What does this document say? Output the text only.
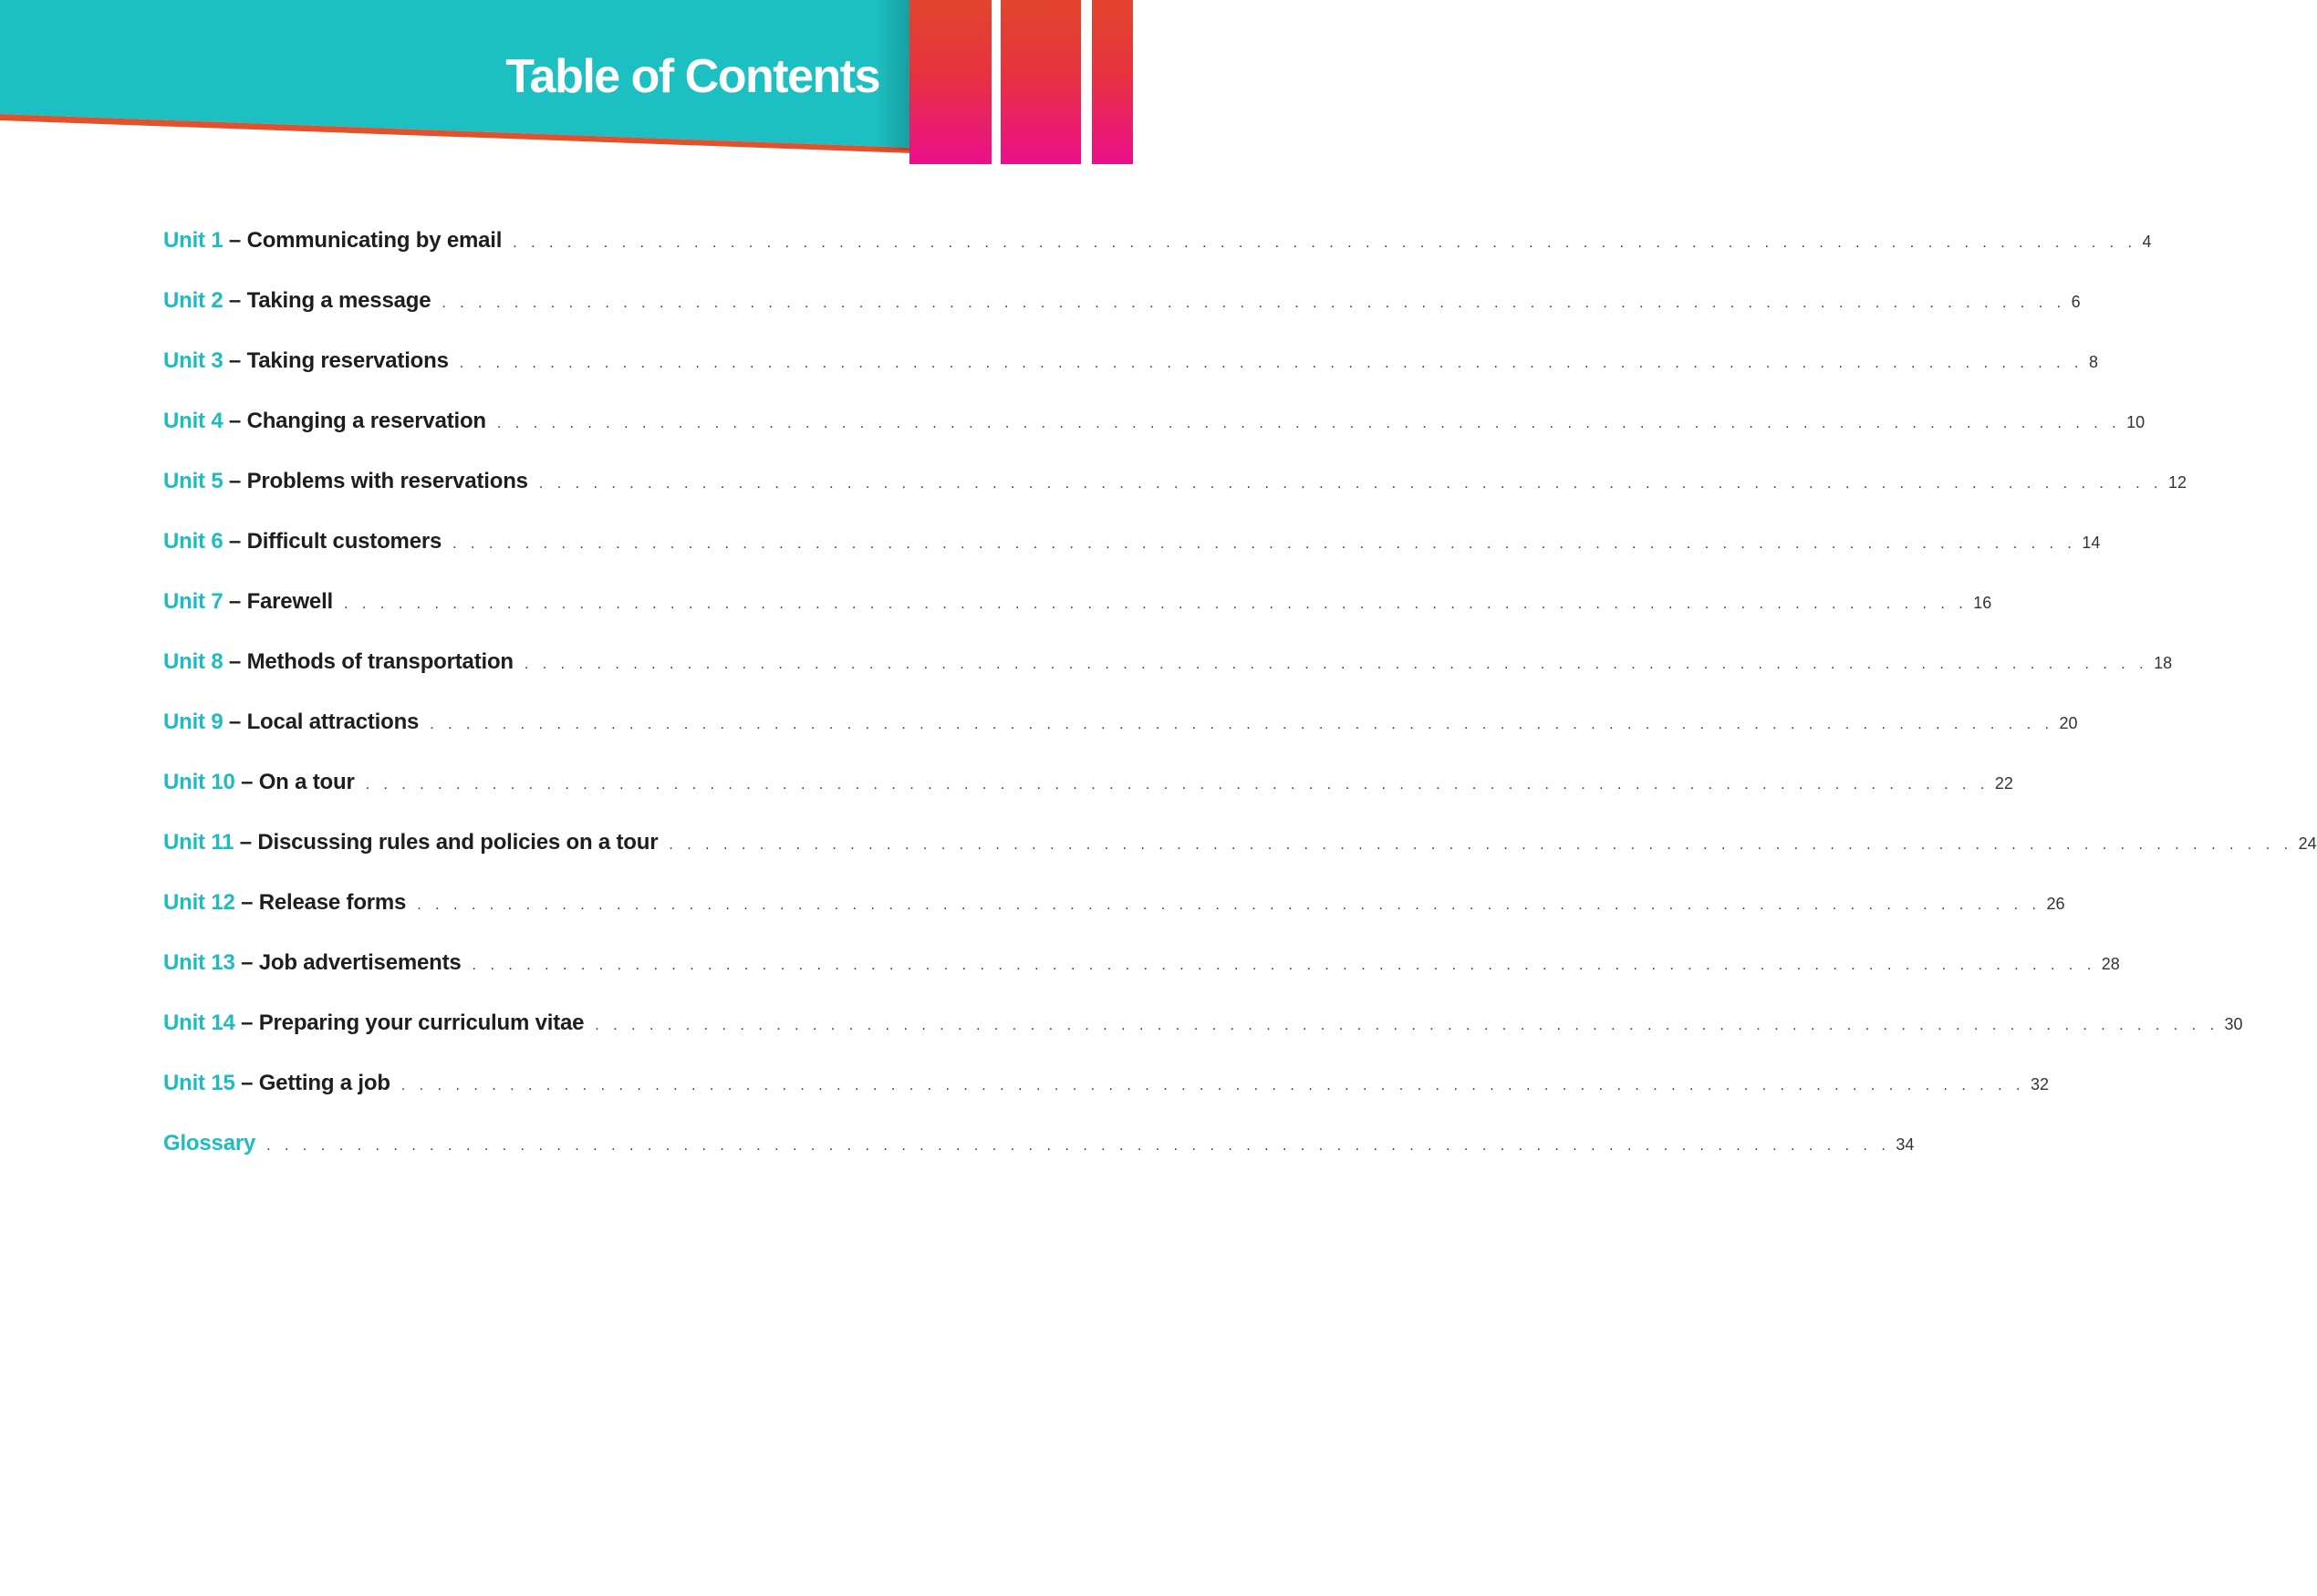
Table of Contents
Unit 1 – Communicating by email . . . . . . . . . . . . . . . . . . . . . . . . . . . . . . . . . . . . . . . . . . . . . . . . . . . . . . . . . . . . . . . . . . . . . . . . . . . . . . . . . . . . . . . . . . 4
Unit 2 – Taking a message . . . . . . . . . . . . . . . . . . . . . . . . . . . . . . . . . . . . . . . . . . . . . . . . . . . . . . . . . . . . . . . . . . . . . . . . . . . . . . . . . . . . . . . . . . 6
Unit 3 – Taking reservations . . . . . . . . . . . . . . . . . . . . . . . . . . . . . . . . . . . . . . . . . . . . . . . . . . . . . . . . . . . . . . . . . . . . . . . . . . . . . . . . . . . . . . . . . . 8
Unit 4 – Changing a reservation . . . . . . . . . . . . . . . . . . . . . . . . . . . . . . . . . . . . . . . . . . . . . . . . . . . . . . . . . . . . . . . . . . . . . . . . . . . . . . . . . . . . . . . . . . 10
Unit 5 – Problems with reservations . . . . . . . . . . . . . . . . . . . . . . . . . . . . . . . . . . . . . . . . . . . . . . . . . . . . . . . . . . . . . . . . . . . . . . . . . . . . . . . . . . . . . . . . . . 12
Unit 6 – Difficult customers . . . . . . . . . . . . . . . . . . . . . . . . . . . . . . . . . . . . . . . . . . . . . . . . . . . . . . . . . . . . . . . . . . . . . . . . . . . . . . . . . . . . . . . . . . 14
Unit 7 – Farewell . . . . . . . . . . . . . . . . . . . . . . . . . . . . . . . . . . . . . . . . . . . . . . . . . . . . . . . . . . . . . . . . . . . . . . . . . . . . . . . . . . . . . . . . . . 16
Unit 8 – Methods of transportation . . . . . . . . . . . . . . . . . . . . . . . . . . . . . . . . . . . . . . . . . . . . . . . . . . . . . . . . . . . . . . . . . . . . . . . . . . . . . . . . . . . . . . . . . . 18
Unit 9 – Local attractions . . . . . . . . . . . . . . . . . . . . . . . . . . . . . . . . . . . . . . . . . . . . . . . . . . . . . . . . . . . . . . . . . . . . . . . . . . . . . . . . . . . . . . . . . . 20
Unit 10 – On a tour . . . . . . . . . . . . . . . . . . . . . . . . . . . . . . . . . . . . . . . . . . . . . . . . . . . . . . . . . . . . . . . . . . . . . . . . . . . . . . . . . . . . . . . . . . 22
Unit 11 – Discussing rules and policies on a tour . . . . . . . . . . . . . . . . . . . . . . . . . . . . . . . . . . . . . . . . . . . . . . . . . . . . . . . . . . . . . . . . . . . . . . . . . . . . . . . . . . . . . . . . . . 24
Unit 12 – Release forms . . . . . . . . . . . . . . . . . . . . . . . . . . . . . . . . . . . . . . . . . . . . . . . . . . . . . . . . . . . . . . . . . . . . . . . . . . . . . . . . . . . . . . . . . . 26
Unit 13 – Job advertisements . . . . . . . . . . . . . . . . . . . . . . . . . . . . . . . . . . . . . . . . . . . . . . . . . . . . . . . . . . . . . . . . . . . . . . . . . . . . . . . . . . . . . . . . . . 28
Unit 14 – Preparing your curriculum vitae . . . . . . . . . . . . . . . . . . . . . . . . . . . . . . . . . . . . . . . . . . . . . . . . . . . . . . . . . . . . . . . . . . . . . . . . . . . . . . . . . . . . . . . . . . 30
Unit 15 – Getting a job . . . . . . . . . . . . . . . . . . . . . . . . . . . . . . . . . . . . . . . . . . . . . . . . . . . . . . . . . . . . . . . . . . . . . . . . . . . . . . . . . . . . . . . . . . 32
Glossary . . . . . . . . . . . . . . . . . . . . . . . . . . . . . . . . . . . . . . . . . . . . . . . . . . . . . . . . . . . . . . . . . . . . . . . . . . . . . . . . . . . . . . . . . . 34
